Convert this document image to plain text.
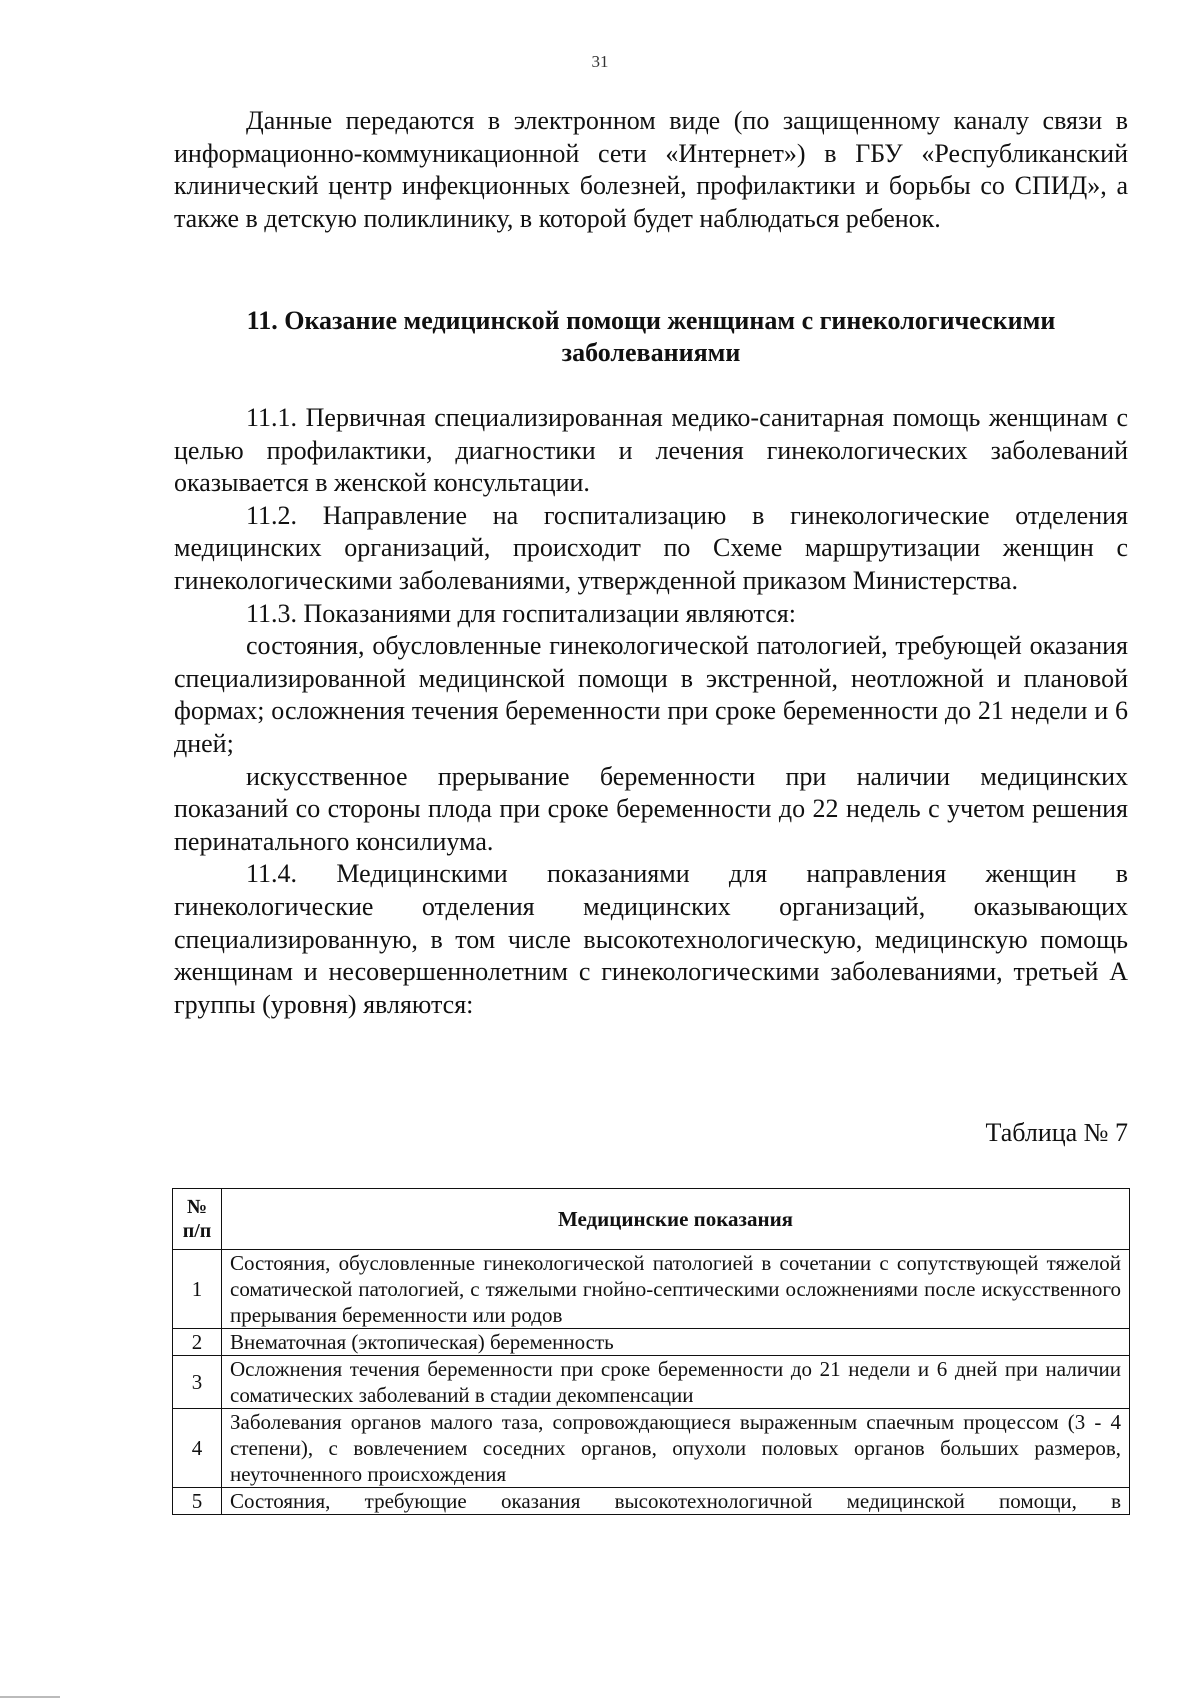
31

Данные передаются в электронном виде (по защищенному каналу связи в информационно-коммуникационной сети «Интернет») в ГБУ «Республиканский клинический центр инфекционных болезней, профилактики и борьбы со СПИД», а также в детскую поликлинику, в которой будет наблюдаться ребенок.

11. Оказание медицинской помощи женщинам с гинекологическими
заболеваниями

11.1. Первичная специализированная медико-санитарная помощь женщинам с целью профилактики, диагностики и лечения гинекологических заболеваний оказывается в женской консультации.

11.2. Направление на госпитализацию в гинекологические отделения медицинских организаций, происходит по Схеме маршрутизации женщин с гинекологическими заболеваниями, утвержденной приказом Министерства.

11.3. Показаниями для госпитализации являются:

состояния, обусловленные гинекологической патологией, требующей оказания специализированной медицинской помощи в экстренной, неотложной и плановой формах; осложнения течения беременности при сроке беременности до 21 недели и 6 дней;

искусственное прерывание беременности при наличии медицинских показаний со стороны плода при сроке беременности до 22 недель с учетом решения перинатального консилиума.

11.4. Медицинскими показаниями для направления женщин в гинекологические отделения медицинских организаций, оказывающих специализированную, в том числе высокотехнологическую, медицинскую помощь женщинам и несовершеннолетним с гинекологическими заболеваниями, третьей А группы (уровня) являются:

Таблица № 7
№ п/п	Медицинские показания
1	Состояния, обусловленные гинекологической патологией в сочетании с сопутствующей тяжелой соматической патологией, с тяжелыми гнойно-септическими осложнениями после искусственного прерывания беременности или родов
2	Внематочная (эктопическая) беременность
3	Осложнения течения беременности при сроке беременности до 21 недели и 6 дней при наличии соматических заболеваний в стадии декомпенсации
4	Заболевания органов малого таза, сопровождающиеся выраженным спаечным процессом (3 - 4 степени), с вовлечением соседних органов, опухоли половых органов больших размеров, неуточненного происхождения
5	Состояния, требующие оказания высокотехнологичной медицинской помощи, в
